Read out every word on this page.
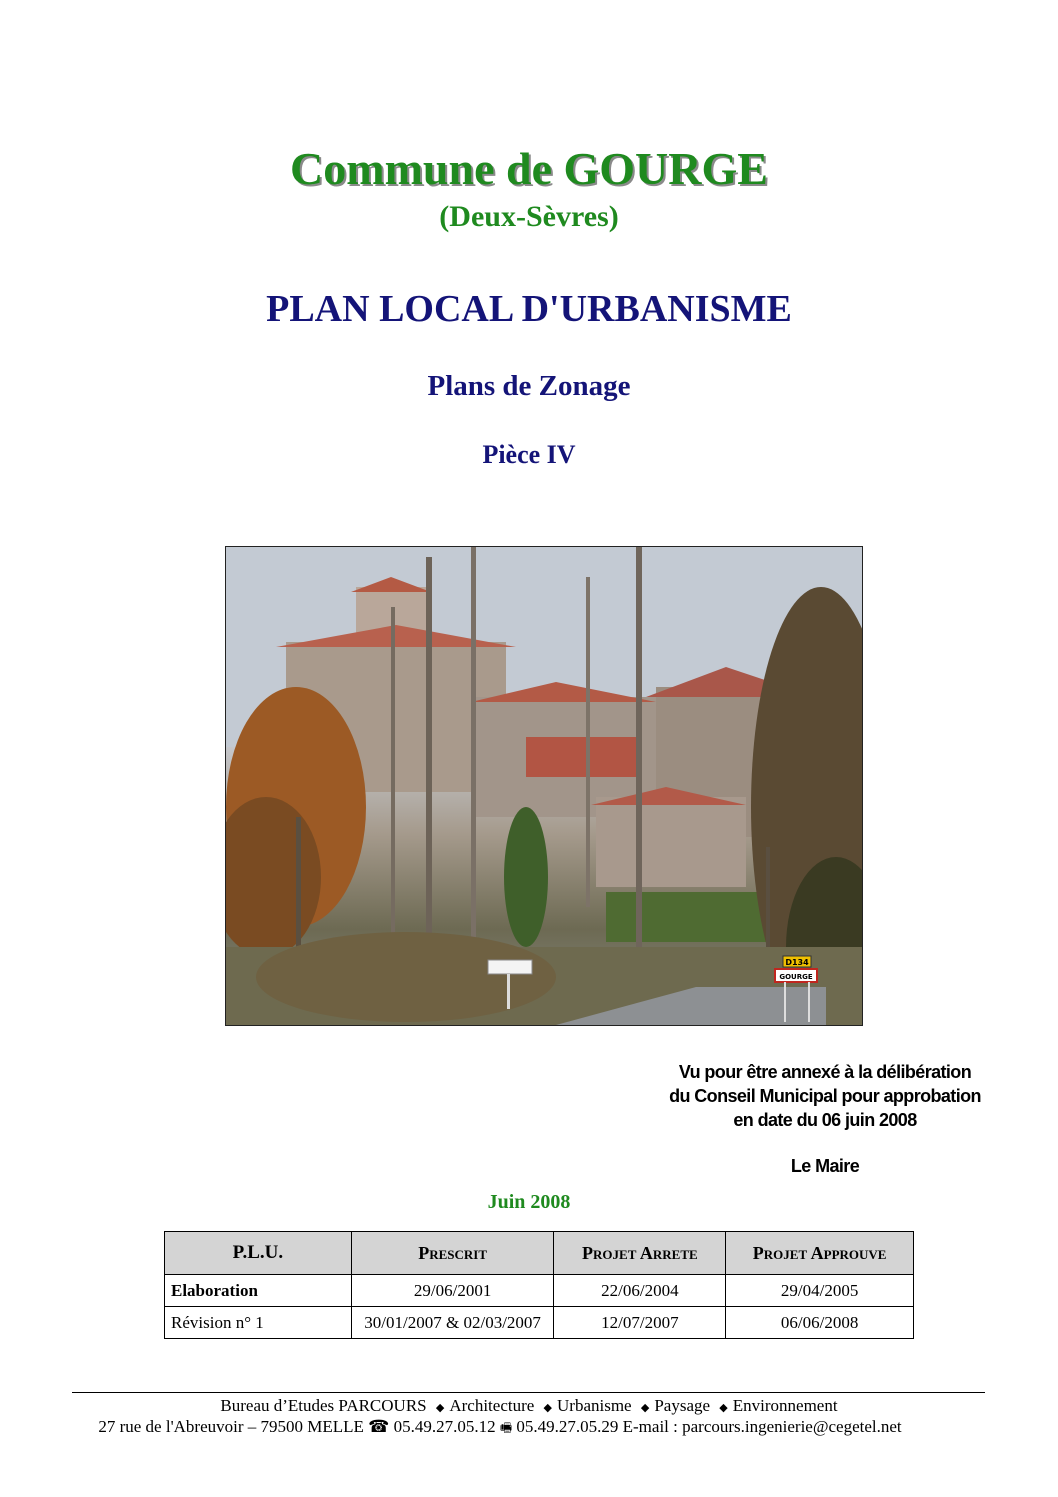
Commune de GOURGE
(Deux-Sèvres)
PLAN LOCAL D'URBANISME
Plans de Zonage
Pièce IV
D134
GOURGE
Vu pour être annexé à la délibération
du Conseil Municipal pour approbation
en date du 06 juin 2008
Le Maire
Juin 2008
P.L.U.	Prescrit	Projet Arrete	Projet Approuve
Elaboration	29/06/2001	22/06/2004	29/04/2005
Révision n° 1	30/01/2007 & 02/03/2007	12/07/2007	06/06/2008
Bureau d’Etudes PARCOURS ◆ Architecture ◆ Urbanisme ◆ Paysage ◆ Environnement
27 rue de l'Abreuvoir – 79500 MELLE ☎ 05.49.27.05.12 🖷 05.49.27.05.29 E-mail : parcours.ingenierie@cegetel.net
